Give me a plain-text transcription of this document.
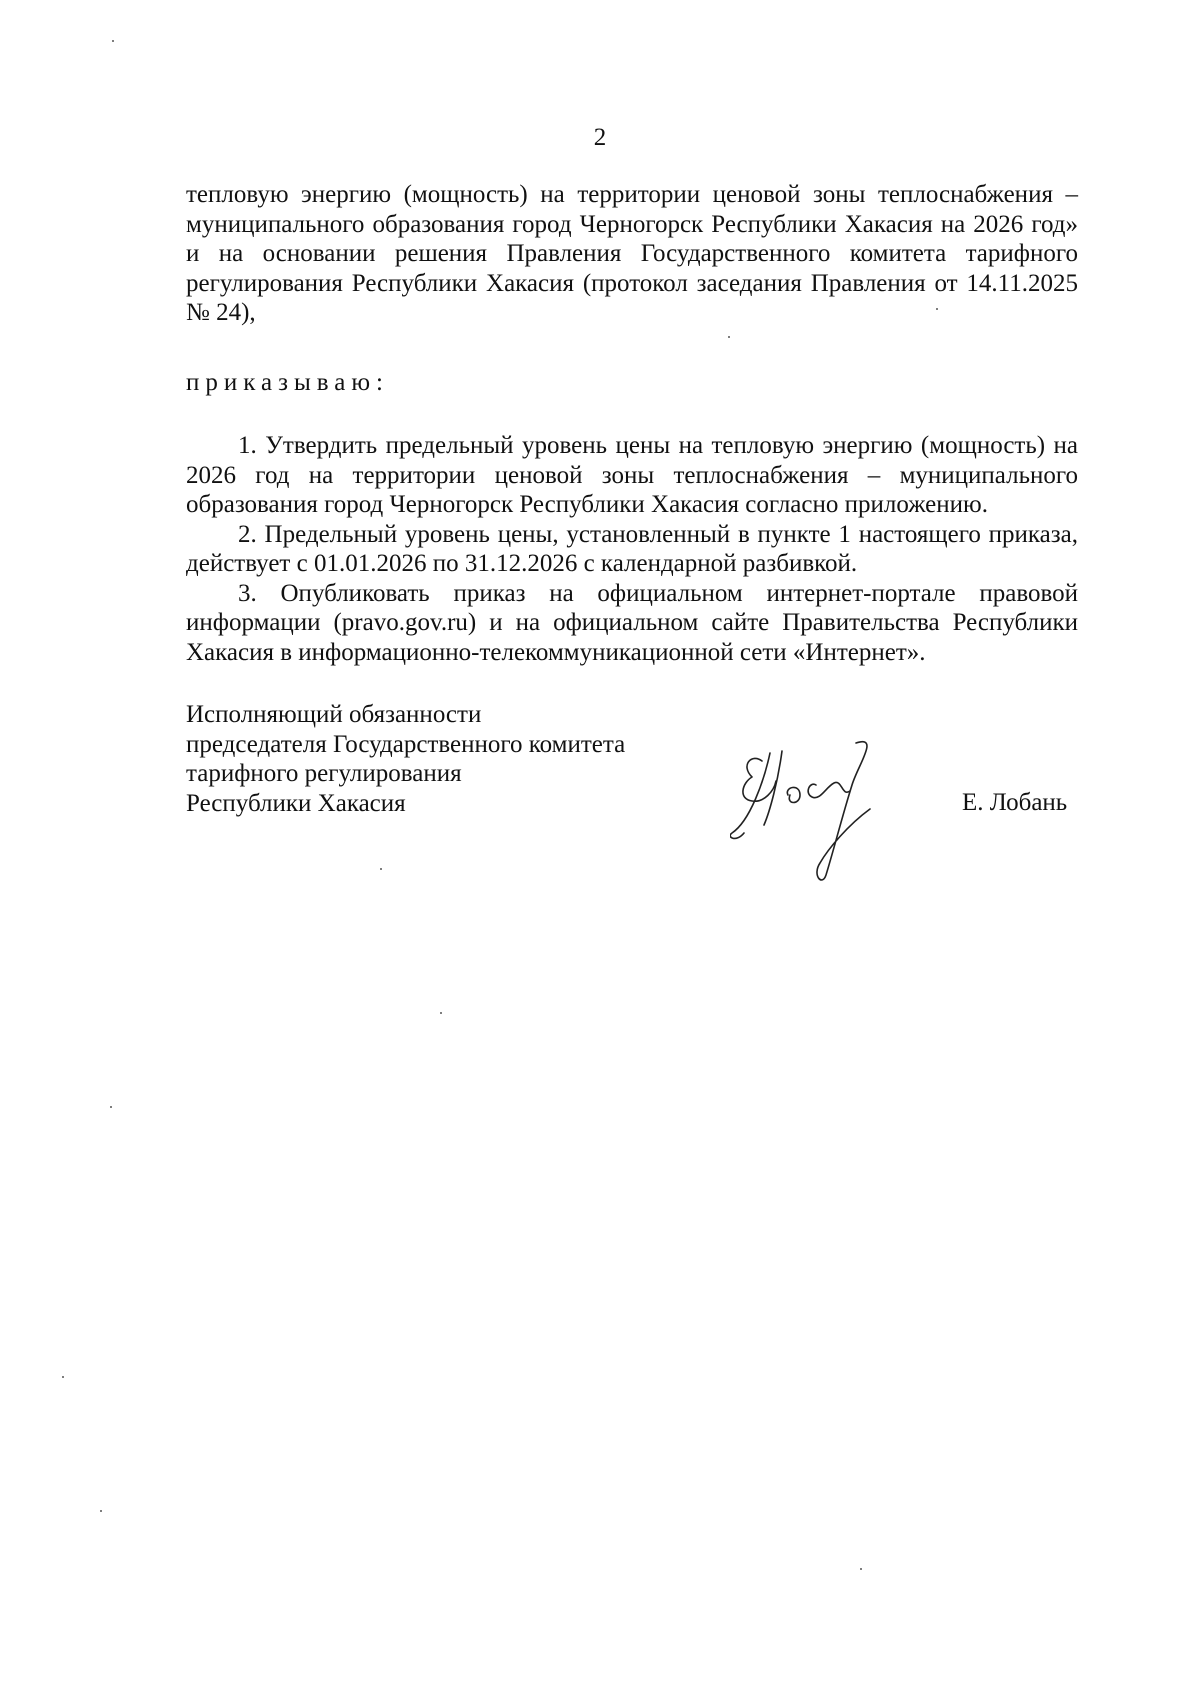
2

тепловую энергию (мощность) на территории ценовой зоны теплоснабжения – муниципального образования город Черногорск Республики Хакасия на 2026 год» и на основании решения Правления Государственного комитета тарифного регулирования Республики Хакасия (протокол заседания Правления от 14.11.2025

№ 24),

приказываю:

1. Утвердить предельный уровень цены на тепловую энергию (мощность) на 2026 год на территории ценовой зоны теплоснабжения – муниципального образования город Черногорск Республики Хакасия согласно приложению.

2. Предельный уровень цены, установленный в пункте 1 настоящего приказа, действует с 01.01.2026 по 31.12.2026 с календарной разбивкой.

3. Опубликовать приказ на официальном интернет-портале правовой информации (pravo.gov.ru) и на официальном сайте Правительства Республики Хакасия в информационно-телекоммуникационной сети «Интернет».

Исполняющий обязанности
председателя Государственного комитета
тарифного регулирования
Республики Хакасия	Е. Лобань
